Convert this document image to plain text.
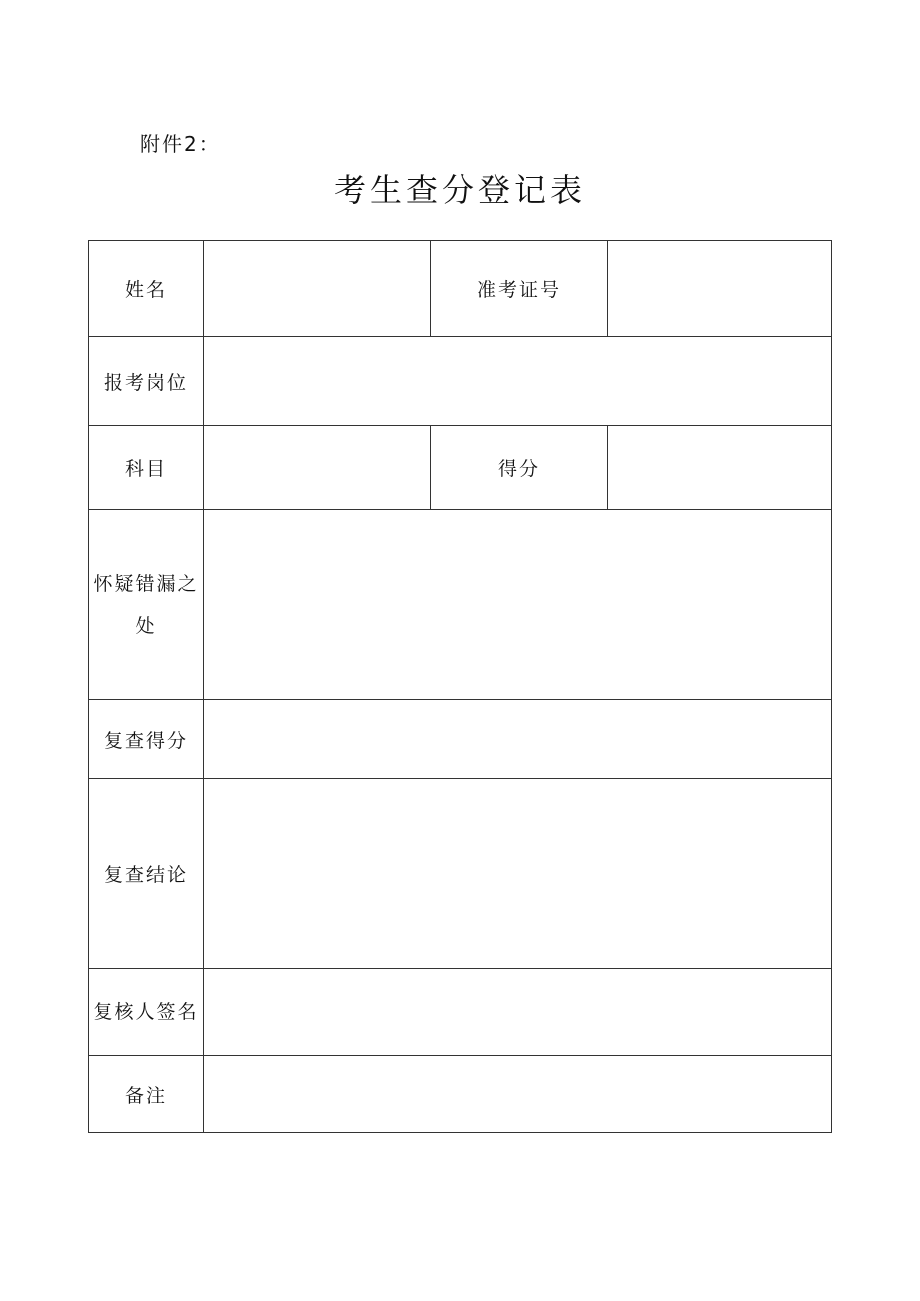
附件2：
考生查分登记表
姓名		准考证号	
报考岗位			
科目		得分	
怀疑错漏之处			
复查得分			
复查结论			

复核人签名			

备注			
